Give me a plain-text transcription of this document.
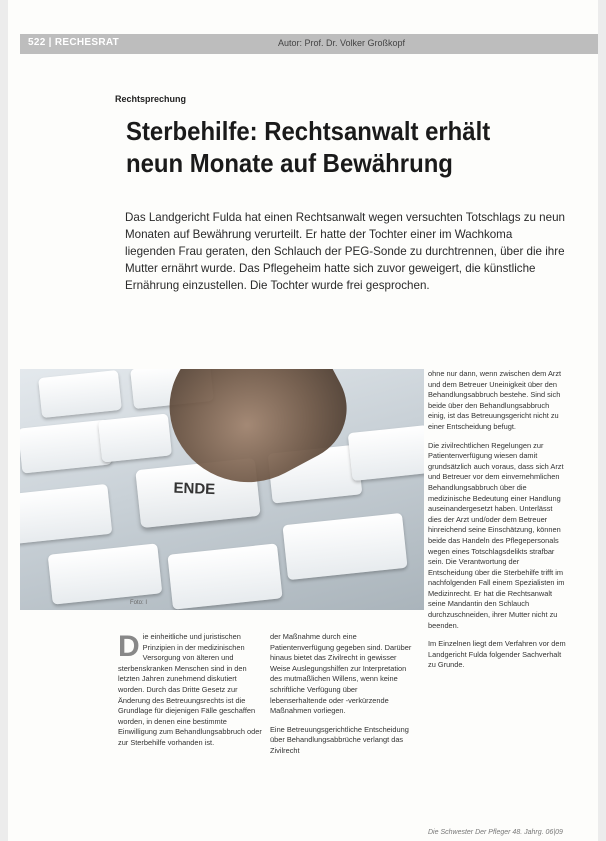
522 | RECHESRAT	Autor: Prof. Dr. Volker Großkopf
Rechtsprechung
Sterbehilfe: Rechtsanwalt erhält neun Monate auf Bewährung
Das Landgericht Fulda hat einen Rechtsanwalt wegen versuchten Totschlags zu neun Monaten auf Bewährung verurteilt. Er hatte der Tochter einer im Wachkoma liegenden Frau geraten, den Schlauch der PEG-Sonde zu durchtrennen, über die ihre Mutter ernährt wurde. Das Pflegeheim hatte sich zuvor geweigert, die künstliche Ernährung einzustellen. Die Tochter wurde frei gesprochen.
ENDE
Foto: I

ohne nur dann, wenn zwischen dem Arzt und dem Betreuer Uneinigkeit über den Behandlungsabbruch bestehe. Sind sich beide über den Behandlungsabbruch einig, ist das Betreuungsgericht nicht zu einer Entscheidung befugt.

Die zivilrechtlichen Regelungen zur Patientenverfügung wiesen damit grundsätzlich auch voraus, dass sich Arzt und Betreuer vor dem einvernehmlichen Behandlungsabbruch über die medizinische Bedeutung einer Handlung auseinandergesetzt haben. Unterlässt dies der Arzt und/oder dem Betreuer hinreichend seine Einschätzung, können beide das Handeln des Pflegepersonals wegen eines Totschlagsdelikts strafbar sein. Die Verantwortung der Entscheidung über die Sterbehilfe trifft im nachfolgenden Fall einem Spezialisten im Medizinrecht. Er hat die Rechtsanwalt seine Mandantin den Schlauch durchzuschneiden, ihrer Mutter nicht zu beenden.

Im Einzelnen liegt dem Verfahren vor dem Landgericht Fulda folgender Sachverhalt zu Grunde.

D ie einheitliche und juristischen Prinzipien in der medizinischen Versorgung von älteren und sterbenskranken Menschen sind in den letzten Jahren zunehmend diskutiert worden. Durch das Dritte Gesetz zur Änderung des Betreuungsrechts ist die Grundlage für diejenigen Fälle geschaffen worden, in denen eine bestimmte Einwilligung zum Behandlungsabbruch oder zur Sterbehilfe vorhanden ist.

der Maßnahme durch eine Patientenverfügung gegeben sind. Darüber hinaus bietet das Zivilrecht in gewisser Weise Auslegungshilfen zur Interpretation des mutmaßlichen Willens, wenn keine schriftliche Verfügung über lebenserhaltende oder -verkürzende Maßnahmen vorliegen.

Eine Betreuungsgerichtliche Entscheidung über Behandlungsabbrüche verlangt das Zivilrecht

Die Schwester Der Pfleger 48. Jahrg. 06|09
